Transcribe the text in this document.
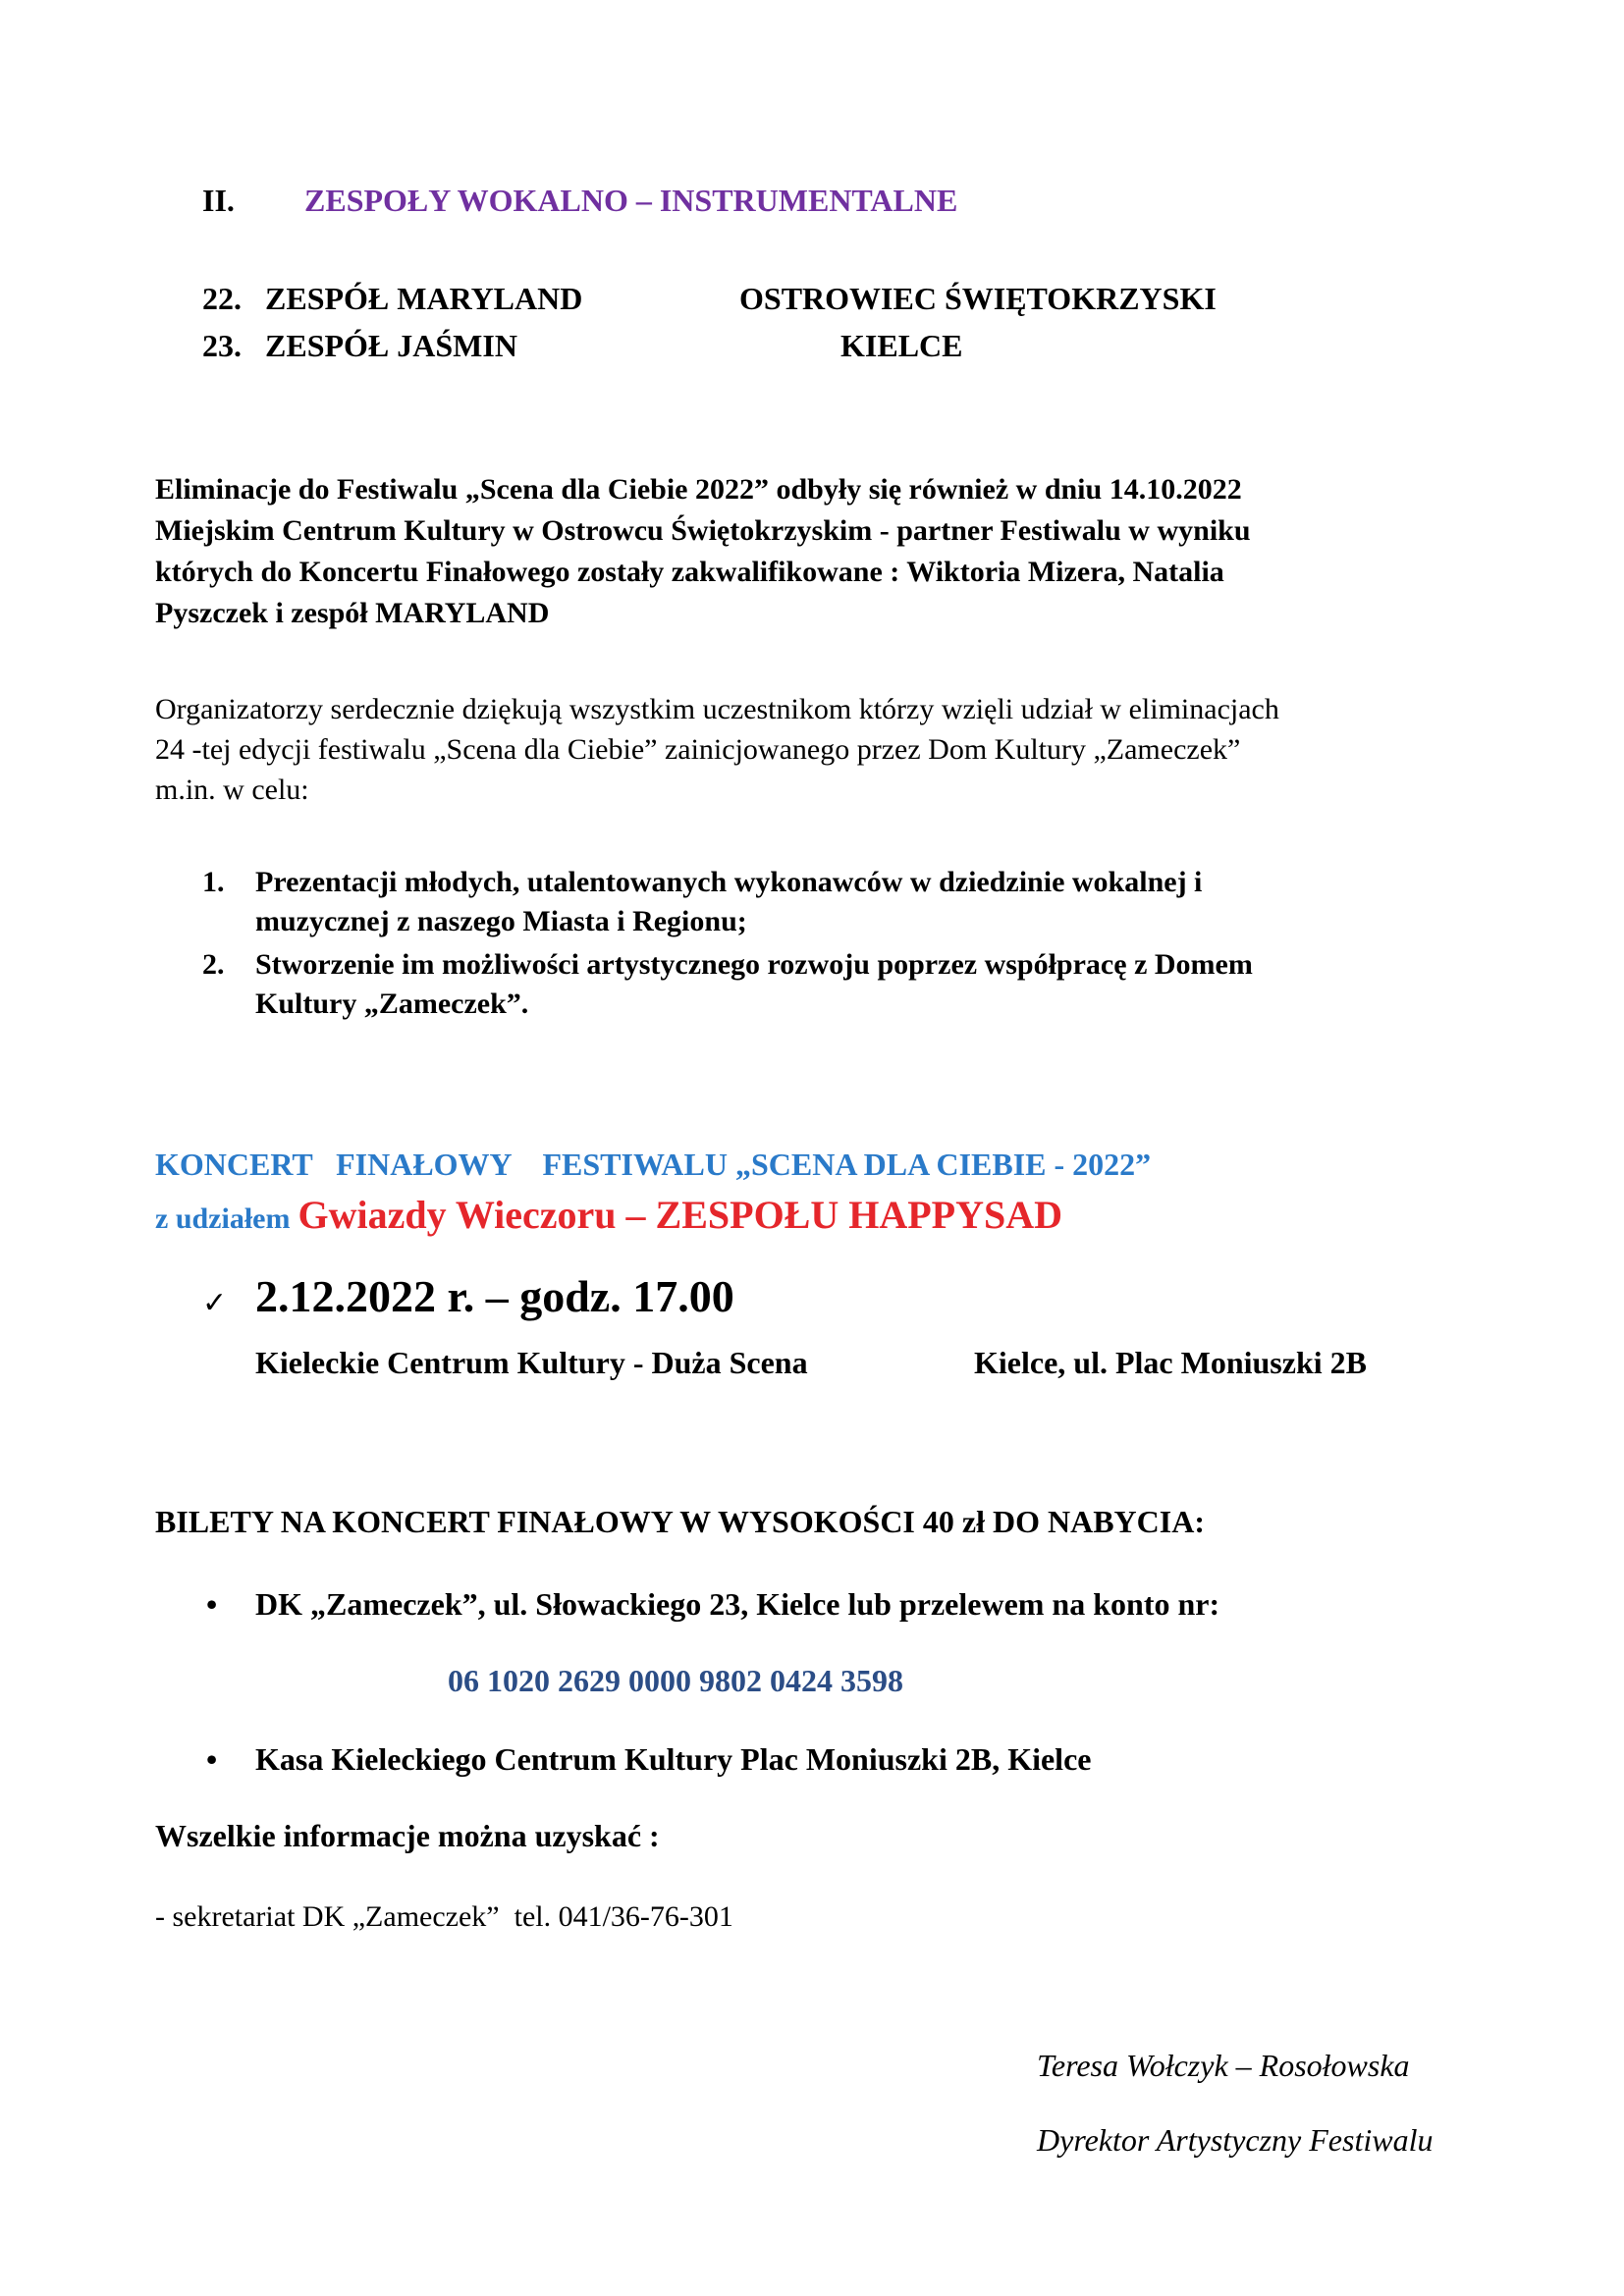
II. ZESPOŁY WOKALNO – INSTRUMENTALNE
22. ZESPÓŁ MARYLAND	OSTROWIEC ŚWIĘTOKRZYSKI
23. ZESPÓŁ JAŚMIN	KIELCE
Eliminacje do Festiwalu „Scena dla Ciebie 2022” odbyły się również w dniu 14.10.2022
Miejskim Centrum Kultury w Ostrowcu Świętokrzyskim - partner Festiwalu w wyniku
których do Koncertu Finałowego zostały zakwalifikowane : Wiktoria Mizera, Natalia
Pyszczek i zespół MARYLAND
Organizatorzy serdecznie dziękują wszystkim uczestnikom którzy wzięli udział w eliminacjach
24 -tej edycji festiwalu „Scena dla Ciebie” zainicjowanego przez Dom Kultury „Zameczek”
m.in. w celu:
1. Prezentacji młodych, utalentowanych wykonawców w dziedzinie wokalnej i
muzycznej z naszego Miasta i Regionu;
2. Stworzenie im możliwości artystycznego rozwoju poprzez współpracę z Domem
Kultury „Zameczek”.
KONCERT   FINAŁOWY    FESTIWALU „SCENA DLA CIEBIE - 2022”
z udziałem Gwiazdy Wieczoru – ZESPOŁU HAPPYSAD
✓ 2.12.2022 r. – godz. 17.00
Kieleckie Centrum Kultury - Duża Scena	Kielce, ul. Plac Moniuszki 2B
BILETY NA KONCERT FINAŁOWY W WYSOKOŚCI 40 zł DO NABYCIA:
• DK „Zameczek”, ul. Słowackiego 23, Kielce lub przelewem na konto nr:
06 1020 2629 0000 9802 0424 3598
• Kasa Kieleckiego Centrum Kultury Plac Moniuszki 2B, Kielce
Wszelkie informacje można uzyskać :
- sekretariat DK „Zameczek”  tel. 041/36-76-301
Teresa Wołczyk – Rosołowska
Dyrektor Artystyczny Festiwalu
